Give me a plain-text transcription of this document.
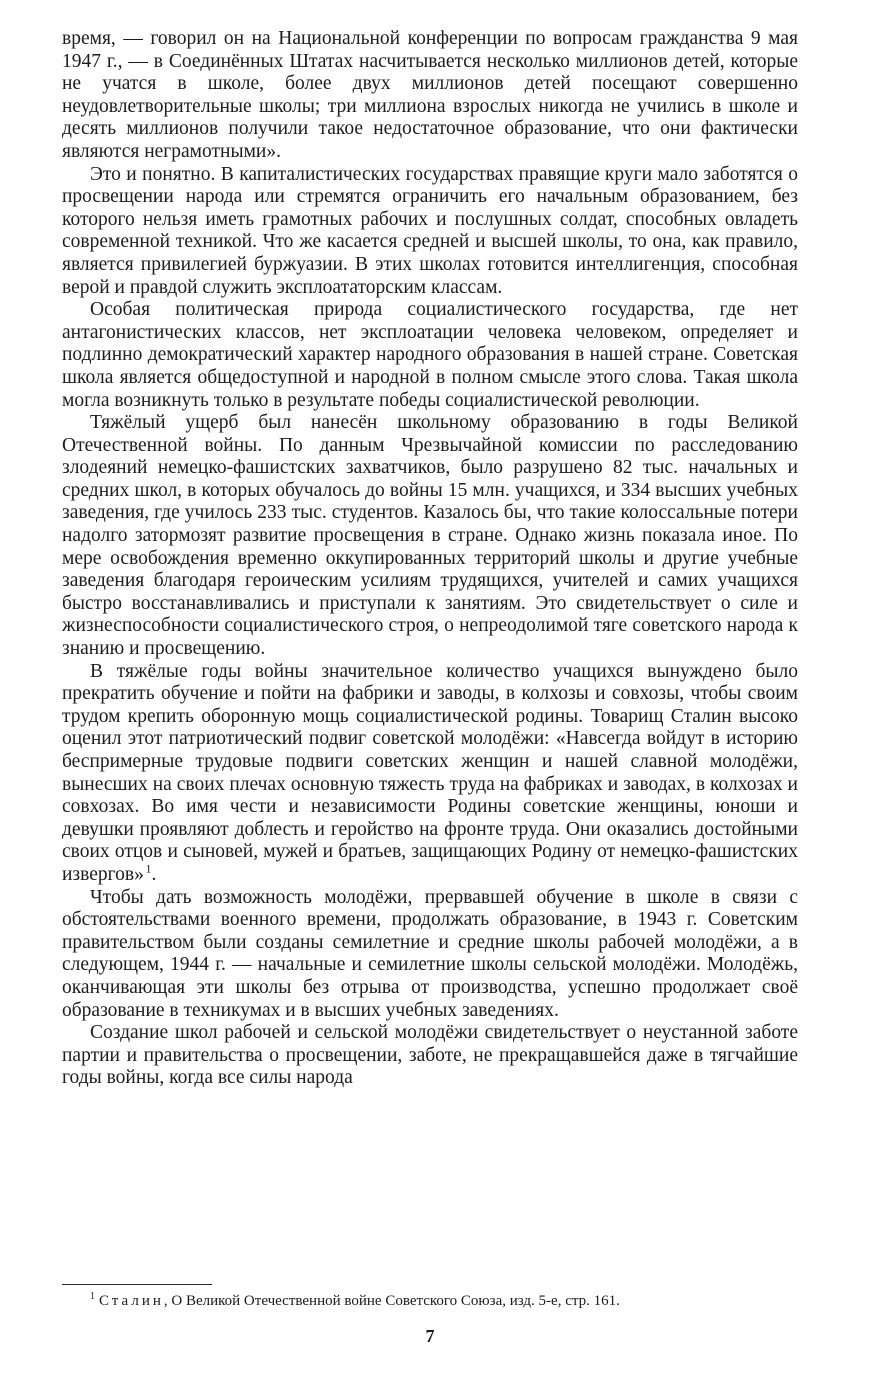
время, — говорил он на Национальной конференции по вопросам гражданства 9 мая 1947 г., — в Соединённых Штатах насчитывается несколько миллионов детей, которые не учатся в школе, более двух миллионов детей посещают совершенно неудовлетворительные школы; три миллиона взрослых никогда не учились в школе и десять миллионов получили такое недостаточное образование, что они фактически являются неграмотными».

Это и понятно. В капиталистических государствах правящие круги мало заботятся о просвещении народа или стремятся ограничить его начальным образованием, без которого нельзя иметь грамотных рабочих и послушных солдат, способных овладеть современной техникой. Что же касается средней и высшей школы, то она, как правило, является привилегией буржуазии. В этих школах готовится интеллигенция, способная верой и правдой служить эксплоататорским классам.

Особая политическая природа социалистического государства, где нет антагонистических классов, нет эксплоатации человека человеком, определяет и подлинно демократический характер народного образования в нашей стране. Советская школа является общедоступной и народной в полном смысле этого слова. Такая школа могла возникнуть только в результате победы социалистической революции.

Тяжёлый ущерб был нанесён школьному образованию в годы Великой Отечественной войны. По данным Чрезвычайной комиссии по расследованию злодеяний немецко-фашистских захватчиков, было разрушено 82 тыс. начальных и средних школ, в которых обучалось до войны 15 млн. учащихся, и 334 высших учебных заведения, где училось 233 тыс. студентов. Казалось бы, что такие колоссальные потери надолго затормозят развитие просвещения в стране. Однако жизнь показала иное. По мере освобождения временно оккупированных территорий школы и другие учебные заведения благодаря героическим усилиям трудящихся, учителей и самих учащихся быстро восстанавливались и приступали к занятиям. Это свидетельствует о силе и жизнеспособности социалистического строя, о непреодолимой тяге советского народа к знанию и просвещению.

В тяжёлые годы войны значительное количество учащихся вынуждено было прекратить обучение и пойти на фабрики и заводы, в колхозы и совхозы, чтобы своим трудом крепить оборонную мощь социалистической родины. Товарищ Сталин высоко оценил этот патриотический подвиг советской молодёжи: «Навсегда войдут в историю беспримерные трудовые подвиги советских женщин и нашей славной молодёжи, вынесших на своих плечах основную тяжесть труда на фабриках и заводах, в колхозах и совхозах. Во имя чести и независимости Родины советские женщины, юноши и девушки проявляют доблесть и геройство на фронте труда. Они оказались достойными своих отцов и сыновей, мужей и братьев, защищающих Родину от немецко-фашистских извергов»  $^1$.

Чтобы дать возможность молодёжи, прервавшей обучение в школе в связи с обстоятельствами военного времени, продолжать образование, в 1943 г. Советским правительством были созданы семилетние и средние школы рабочей молодёжи, а в следующем, 1944 г. — начальные и семилетние школы сельской молодёжи. Молодёжь, оканчивающая эти школы без отрыва от производства, успешно продолжает своё образование в техникумах и в высших учебных заведениях.

Создание школ рабочей и сельской молодёжи свидетельствует о неустанной заботе партии и правительства о просвещении, заботе, не прекращавшейся даже в тягчайшие годы войны, когда все силы народа

$^1$ Сталин, О Великой Отечественной войне Советского Союза, изд. 5-е, стр. 161.
7
